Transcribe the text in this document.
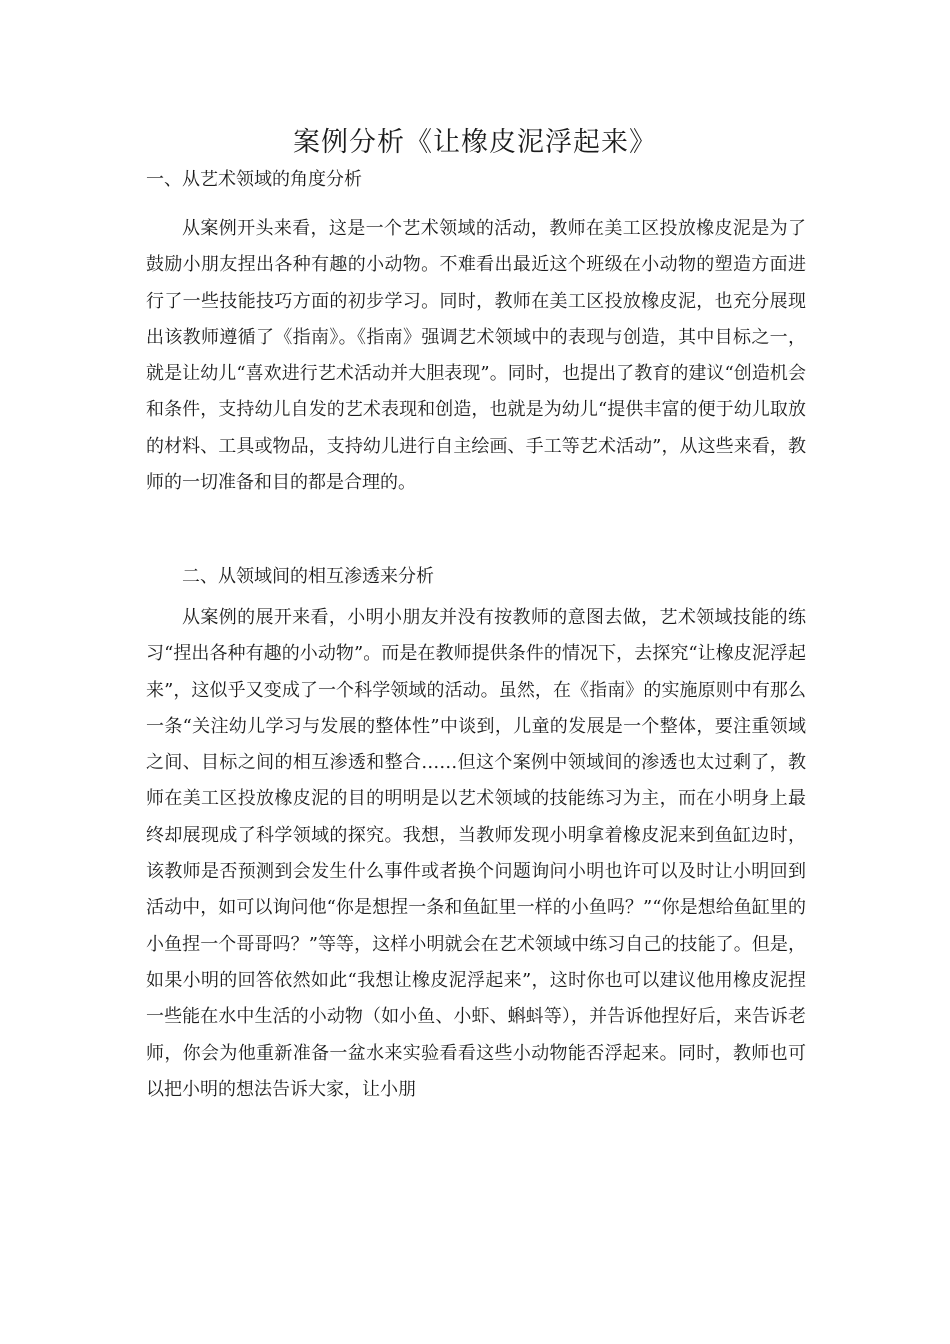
案例分析《让橡皮泥浮起来》
一、从艺术领域的角度分析

从案例开头来看，这是一个艺术领域的活动，教师在美工区投放橡皮泥是为了鼓励小朋友捏出各种有趣的小动物。不难看出最近这个班级在小动物的塑造方面进行了一些技能技巧方面的初步学习。同时，教师在美工区投放橡皮泥，也充分展现出该教师遵循了《指南》。《指南》强调艺术领域中的表现与创造，其中目标之一，就是让幼儿“喜欢进行艺术活动并大胆表现”。同时，也提出了教育的建议“创造机会和条件，支持幼儿自发的艺术表现和创造，也就是为幼儿“提供丰富的便于幼儿取放的材料、工具或物品，支持幼儿进行自主绘画、手工等艺术活动”，从这些来看，教师的一切准备和目的都是合理的。

二、从领域间的相互渗透来分析

从案例的展开来看，小明小朋友并没有按教师的意图去做，艺术领域技能的练习“捏出各种有趣的小动物”。而是在教师提供条件的情况下，去探究“让橡皮泥浮起来”，这似乎又变成了一个科学领域的活动。虽然，在《指南》的实施原则中有那么一条“关注幼儿学习与发展的整体性”中谈到，儿童的发展是一个整体，要注重领域之间、目标之间的相互渗透和整合……但这个案例中领域间的渗透也太过剩了，教师在美工区投放橡皮泥的目的明明是以艺术领域的技能练习为主，而在小明身上最终却展现成了科学领域的探究。我想，当教师发现小明拿着橡皮泥来到鱼缸边时，该教师是否预测到会发生什么事件或者换个问题询问小明也许可以及时让小明回到活动中，如可以询问他“你是想捏一条和鱼缸里一样的小鱼吗？”“你是想给鱼缸里的小鱼捏一个哥哥吗？”等等，这样小明就会在艺术领域中练习自己的技能了。但是，如果小明的回答依然如此“我想让橡皮泥浮起来”，这时你也可以建议他用橡皮泥捏一些能在水中生活的小动物（如小鱼、小虾、蝌蚪等），并告诉他捏好后，来告诉老师，你会为他重新准备一盆水来实验看看这些小动物能否浮起来。同时，教师也可以把小明的想法告诉大家，让小朋
